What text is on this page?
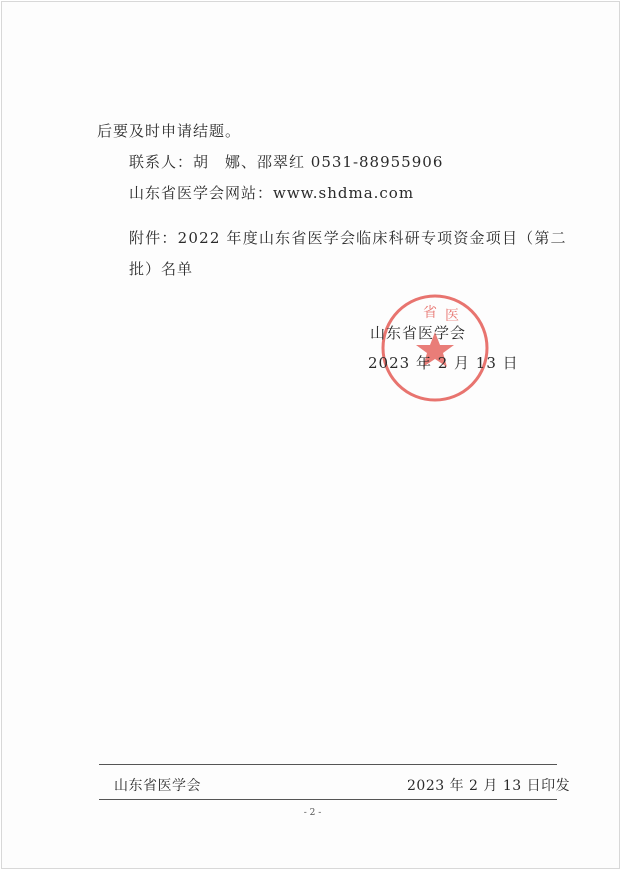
后要及时申请结题。
联系人：胡　娜、邵翠红 0531-88955906
山东省医学会网站：www.shdma.com
附件：2022 年度山东省医学会临床科研专项资金项目（第二
批）名单
省 医
山东省医学会
2023 年 2 月 13 日
山东省医学会	2023 年 2 月 13 日印发
- 2 -
